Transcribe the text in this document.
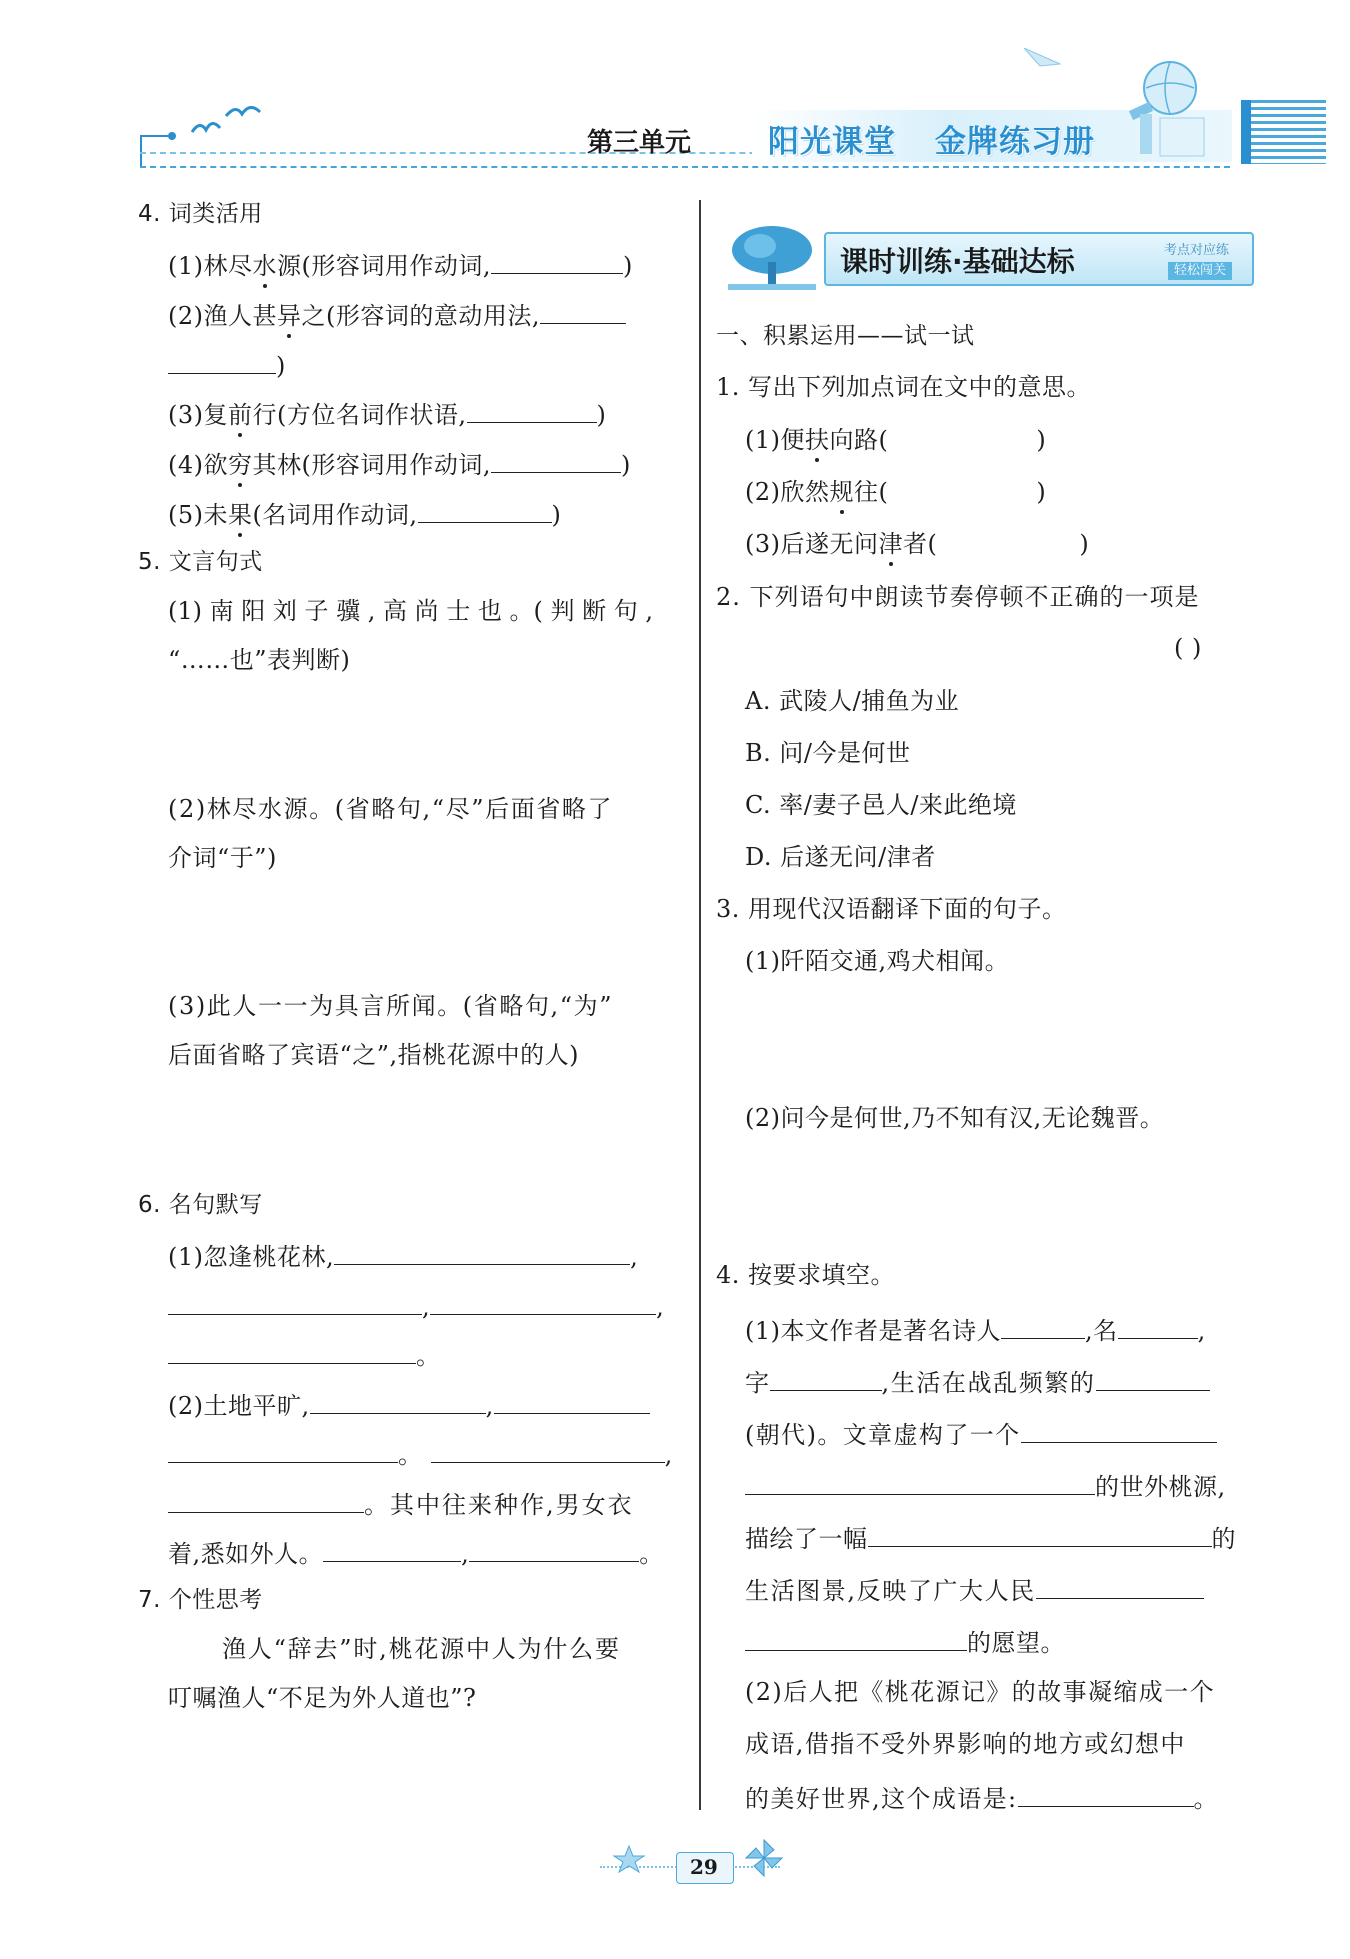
第三单元 阳光课堂 金牌练习册
4. 词类活用
(1)林尽水源(形容词用作动词,	)
(2)渔人甚异之(形容词的意动用法,
)
(3)复前行(方位名词作状语,	)
(4)欲穷其林(形容词用作动词,	)
(5)未果(名词用作动词,	)
5. 文言句式
(1) 南 阳 刘 子 骥 , 高 尚 士 也 。( 判 断 句 ,
“……也”表判断)
(2)林尽水源。(省略句,“尽”后面省略了
介词“于”)
(3)此人一一为具言所闻。(省略句,“为”
后面省略了宾语“之”,指桃花源中的人)
6. 名句默写
(1)忽逢桃花林,	,
,	,
。
(2)土地平旷,	,
。	,
。其中往来种作,男女衣
着,悉如外人。	,	。
7. 个性思考
渔人“辞去”时,桃花源中人为什么要
叮嘱渔人“不足为外人道也”?
课时训练·基础达标	考点对应练
轻松闯关
一、积累运用——试一试
1. 写出下列加点词在文中的意思。
(1)便扶向路(	)
(2)欣然规往(	)
(3)后遂无问津者(	)
2. 下列语句中朗读节奏停顿不正确的一项是
( )
A. 武陵人/捕鱼为业
B. 问/今是何世
C. 率/妻子邑人/来此绝境
D. 后遂无问/津者
3. 用现代汉语翻译下面的句子。
(1)阡陌交通,鸡犬相闻。
(2)问今是何世,乃不知有汉,无论魏晋。
4. 按要求填空。
(1)本文作者是著名诗人	,名	,
字	,生活在战乱频繁的
(朝代)。文章虚构了一个
的世外桃源,
描绘了一幅	的
生活图景,反映了广大人民
的愿望。
(2)后人把《桃花源记》的故事凝缩成一个
成语,借指不受外界影响的地方或幻想中
的美好世界,这个成语是:	。
29
